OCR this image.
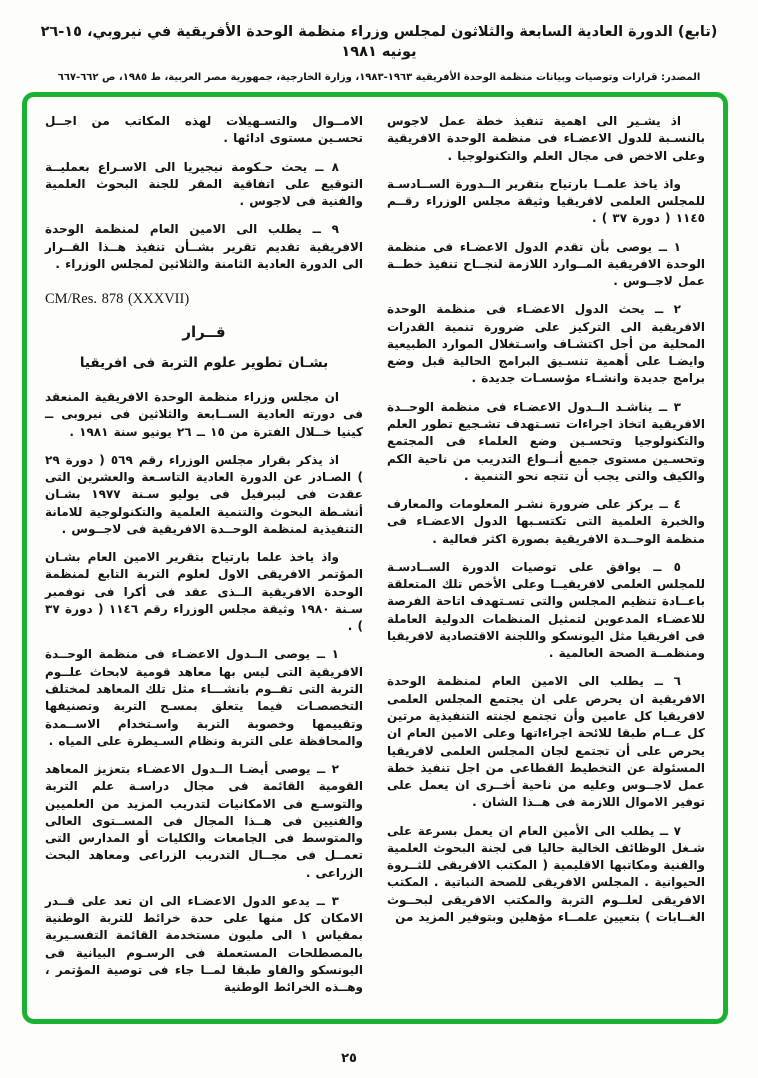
(تابع) الدورة العادية السابعة والثلاثون لمجلس وزراء منظمة الوحدة الأفريقية في نيروبي، ١٥-٢٦ يونيه ١٩٨١
المصدر: قرارات وتوصيات وبيانات منظمة الوحدة الأفريقية ١٩٦٣-١٩٨٣، وزارة الخارجية، جمهورية مصر العربية، ط ١٩٨٥، ص ٦٦٢-٦٦٧

اذ يشـير الى اهمية تنفيذ خطة عمل لاجوس بالنسـبة للدول الاعضـاء فى منظمة الوحدة الافريقية وعلى الاخص فى مجال العلم والتكنولوجيا .

واذ ياخذ علمــا بارتياح بتقرير الــدورة الســادسـة للمجلس العلمى لافريقيا وثيقة مجلس الوزراء رقــم ١١٤٥ ( دورة ٣٧ ) .

١ ــ يوصى بأن تقدم الدول الاعضـاء فى منظمة الوحدة الافريقية المــوارد اللازمة لنجــاح تنفيذ خطــة عمل لاجــوس .

٢ ــ يحث الدول الاعضـاء فى منظمة الوحدة الافريقية الى التركيز على ضرورة تنمية القدرات المحلية من أجل اكتشـاف واسـتغلال الموارد الطبيعية وايضـا على أهمية تنسـيق البرامج الحالية قبل وضع برامج جديدة وانشـاء مؤسسـات جديدة .

٣ ــ يناشـد الــدول الاعضـاء فى منظمة الوحــدة الافريقية اتخاذ اجراءات تسـتهدف تشـجيع تطور العلم والتكنولوجيا وتحسـين وضع العلماء فى المجتمع وتحسـين مستوى جميع أنــواع التدريب من ناحية الكم والكيف والتى يجب أن تتجه نحو التنمية .

٤ ــ يركز على ضرورة نشـر المعلومات والمعارف والخبرة العلمية التى تكتسـبها الدول الاعضـاء فى منظمة الوحــدة الافريقية بصورة اكثر فعالية .

٥ ــ يوافق على توصيات الدورة الســادسـة للمجلس العلمى لافريقيــا وعلى الأخص تلك المتعلقة باعــادة تنظيم المجلس والتى تسـتهدف اتاحة الفرصة للاعضـاء المدعوين لتمثيل المنظمات الدولية العاملة فى افريقيا مثل اليونسكو واللجنة الاقتصادية لافريقيا ومنظمــة الصحة العالمية .

٦ ــ يطلب الى الامين العام لمنظمة الوحدة الافريقية ان يحرص على ان يجتمع المجلس العلمى لافريقيا كل عامين وأن تجتمع لجنته التنفيذية مرتين كل عــام طبقا للائحة اجراءاتها وعلى الامين العام ان يحرص على أن تجتمع لجان المجلس العلمى لافريقيا المسئولة عن التخطيط القطاعى من اجل تنفيذ خطة عمل لاجــوس وعليه من ناحية أخــرى ان يعمل على توفير الاموال اللازمة فى هــذا الشان .

٧ ــ يطلب الى الأمين العام ان يعمل بسرعة على شـغل الوظائف الخالية حاليا فى لجنة البحوث العلمية والفنية ومكاتبها الاقليمية ( المكتب الافريقى للثــروة الحيوانية . المجلس الافريقى للصحة النباتية . المكتب الافريقى لعلــوم التربة والمكتب الافريقى لبحــوث الغــابات ) بتعيين علمــاء مؤهلين وبتوفير المزيد من

الامــوال والتسـهيلات لهذه المكاتب من اجــل تحسـين مستوى ادائها .

٨ ــ يحث حـكومة نيجيريا الى الاسـراع بعمليــة التوقيع على اتفاقية المقر للجنة البحوث العلمية والفنية فى لاجوس .

٩ ــ يطلب الى الامين العام لمنظمة الوحدة الافريقية تقديم تقرير بشــأن تنفيذ هــذا القــرار الى الدورة العادية الثامنة والثلاثين لمجلس الوزراء .

CM/Res. 878 (XXXVII)

قــرار

بشـان تطوير علوم التربة فى افريقيا

ان مجلس وزراء منظمة الوحدة الافريقية المنعقد فى دورته العادية الســابعة والثلاثين فى نيروبى ــ كينيا خــلال الفترة من ١٥ ــ ٢٦ يونيو سنة ١٩٨١ .

اذ يذكر بقرار مجلس الوزراء رقم ٥٦٩ ( دورة ٢٩ ) الصـادر عن الدورة العادية التاسـعة والعشرين التى عقدت فى ليبرفيل فى يوليو سـنة ١٩٧٧ بشـان أنشـطة البحوث والتنمية العلمية والتكنولوجية للامانة التنفيذية لمنظمة الوحــدة الافريقية فى لاجــوس .

واذ ياخذ علما بارتياح بتقرير الامين العام بشـان المؤتمر الافريقى الاول لعلوم التربة التابع لمنظمة الوحدة الافريقية الــذى عقد فى أكرا فى نوفمبر سـنة ١٩٨٠ وثيقة مجلس الوزراء رقم ١١٤٦ ( دورة ٣٧ ) .

١ ــ يوصى الــدول الاعضـاء فى منظمة الوحــدة الافريقية التى ليس بها معاهد قومية لابحاث علــوم التربة التى تقــوم بانشـــاء مثل تلك المعاهد لمختلف التخصصـات فيما يتعلق بمسـح التربة وتصنيفها وتقييمها وخصوبة التربة واسـتخدام الاســمدة والمحافظة على التربة ونظام السـيطرة على المياه .

٢ ــ يوصى أيضـا الــدول الاعضـاء بتعزيز المعاهد القومية القائمة فى مجال دراسـة علم التربة والتوسـع فى الامكانيات لتدريب المزيد من العلميين والفنيين فى هــذا المجال فى المســتوى العالى والمتوسط فى الجامعات والكليات أو المدارس التى تعمــل فى مجــال التدريب الزراعى ومعاهد البحث الزراعى .

٣ ــ يدعو الدول الاعضـاء الى ان تعد على قــدر الامكان كل منها على حدة خرائط للتربة الوطنية بمقياس ١ الى مليون مستخدمة القائمة التفسـيرية بالمصطلحات المستعملة فى الرسـوم البيانية فى اليونسكو والفاو طبقا لمــا جاء فى توصية المؤتمر ، وهــذه الخرائط الوطنية

٢٥
